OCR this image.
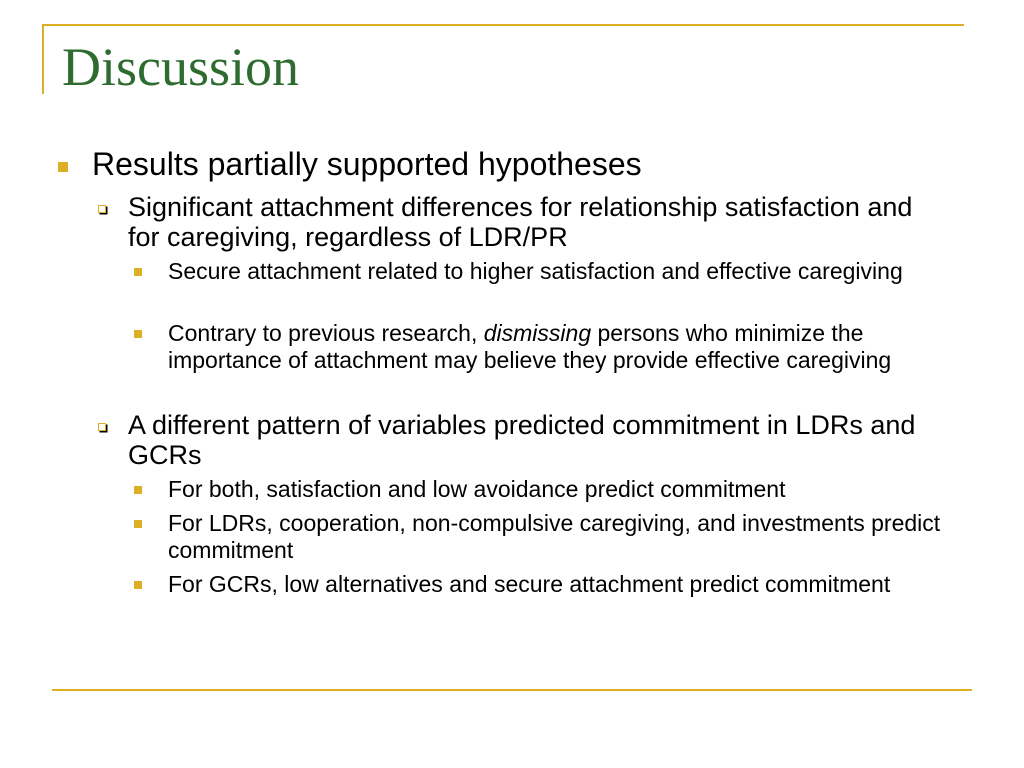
Discussion

Results partially supported hypotheses

Significant attachment differences for relationship satisfaction and for caregiving, regardless of LDR/PR

Secure attachment related to higher satisfaction and effective caregiving

Contrary to previous research, dismissing persons who minimize the importance of attachment may believe they provide effective caregiving

A different pattern of variables predicted commitment in LDRs and GCRs

For both, satisfaction and low avoidance predict commitment

For LDRs, cooperation, non-compulsive caregiving, and investments predict commitment

For GCRs, low alternatives and secure attachment predict commitment
